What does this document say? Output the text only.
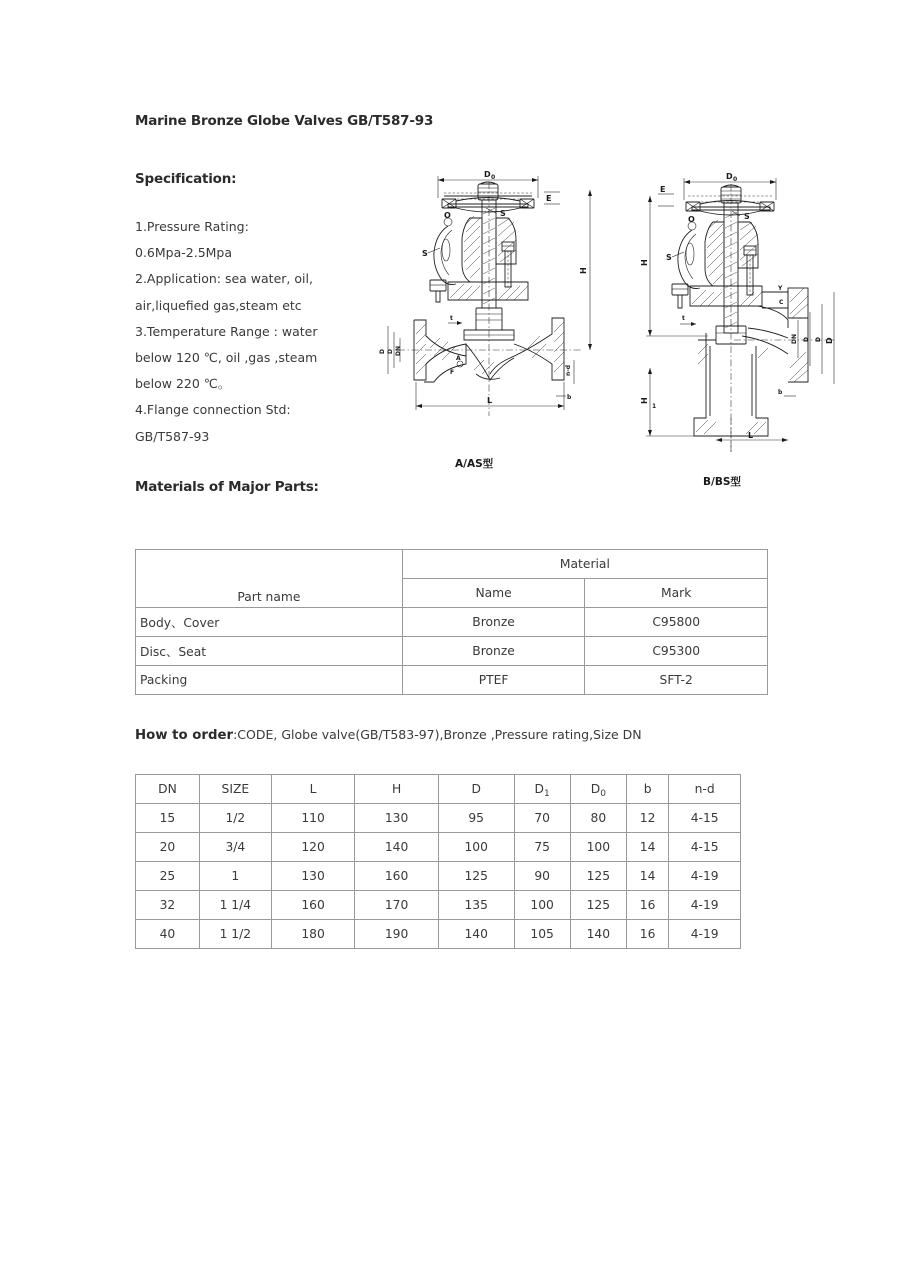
Marine Bronze Globe Valves GB/T587-93
Specification:
1.Pressure Rating:
0.6Mpa-2.5Mpa
2.Application: sea water, oil,
air,liquefied gas,steam etc
3.Temperature Range : water
below 120 ℃, oil ,gas ,steam
below 220 ℃。
4.Flange connection Std:
GB/T587-93
D 0
E
S
O
S
t
A
F
D D DN
H
n-d
b
L
A/AS型
D 0
E
S
O
S
Y
C
t
DN D D D
H
H
1
b
L
B/BS型
Materials of Major Parts:
Part name	Material	
	Name	Mark
Body、Cover	Bronze	C95800
Disc、Seat	Bronze	C95300
Packing	PTEF	SFT-2
How to order:CODE, Globe valve(GB/T583-97),Bronze ,Pressure rating,Size DN
DN	SIZE	L	H	D	$D_1$	$D_0$	b	n-d
15	1/2	110	130	95	70	80	12	4-15
20	3/4	120	140	100	75	100	14	4-15
25	1	130	160	125	90	125	14	4-19
32	1 1/4	160	170	135	100	125	16	4-19
40	1 1/2	180	190	140	105	140	16	4-19
